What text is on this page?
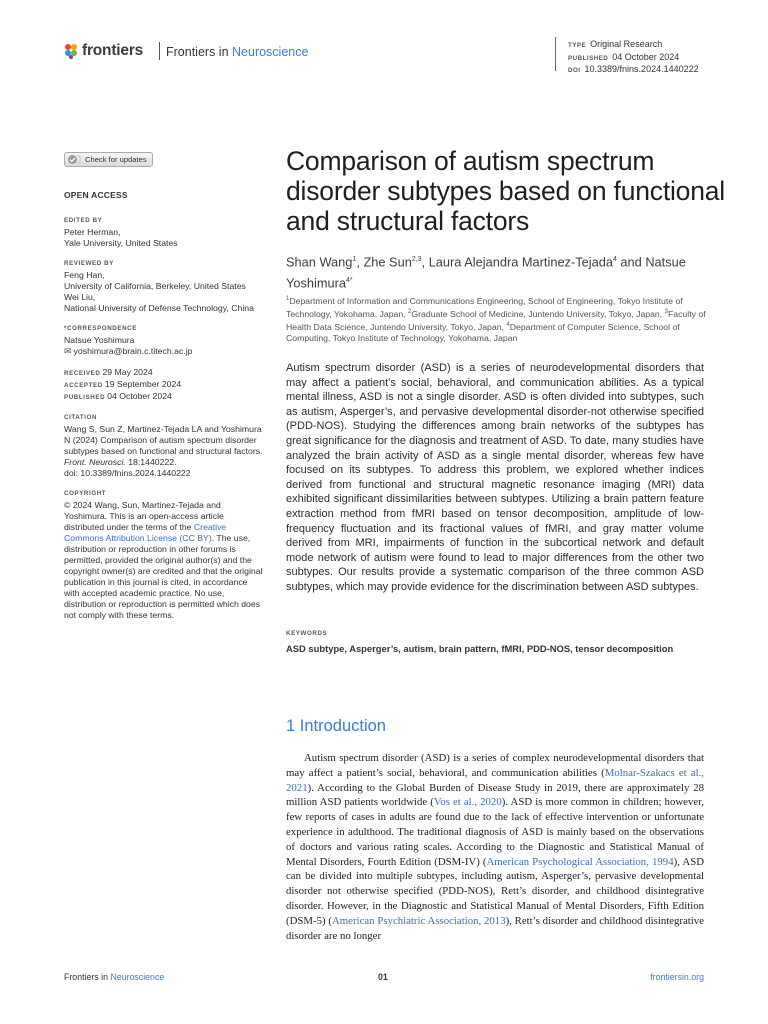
frontiers Frontiers in Neuroscience	TYPE Original Research
PUBLISHED 04 October 2024
DOI 10.3389/fnins.2024.1440222
Check for updates
OPEN ACCESS
EDITED BY
Peter Herman,
Yale University, United States
REVIEWED BY
Feng Han,
University of California, Berkeley, United States
Wei Liu,
National University of Defense Technology, China
*CORRESPONDENCE
Natsue Yoshimura
✉ yoshimura@brain.c.titech.ac.jp
RECEIVED 29 May 2024
ACCEPTED 19 September 2024
PUBLISHED 04 October 2024
CITATION
Wang S, Sun Z, Martinez-Tejada LA and Yoshimura N (2024) Comparison of autism spectrum disorder subtypes based on functional and structural factors. Front. Neurosci. 18:1440222.
doi: 10.3389/fnins.2024.1440222
COPYRIGHT
© 2024 Wang, Sun, Martinez-Tejada and Yoshimura. This is an open-access article distributed under the terms of the Creative Commons Attribution License (CC BY). The use, distribution or reproduction in other forums is permitted, provided the original author(s) and the copyright owner(s) are credited and that the original publication in this journal is cited, in accordance with accepted academic practice. No use, distribution or reproduction is permitted which does not comply with these terms.
Comparison of autism spectrum disorder subtypes based on functional and structural factors
Shan Wang$^1$, Zhe Sun$^{2,3}$, Laura Alejandra Martinez-Tejada$^4$ and Natsue Yoshimura$^{4*}$
$^1$Department of Information and Communications Engineering, School of Engineering, Tokyo Institute of Technology, Yokohama, Japan, $^2$Graduate School of Medicine, Juntendo University, Tokyo, Japan, $^3$Faculty of Health Data Science, Juntendo University, Tokyo, Japan, $^4$Department of Computer Science, School of Computing, Tokyo Institute of Technology, Yokohama, Japan

Autism spectrum disorder (ASD) is a series of neurodevelopmental disorders that may affect a patient’s social, behavioral, and communication abilities. As a typical mental illness, ASD is not a single disorder. ASD is often divided into subtypes, such as autism, Asperger’s, and pervasive developmental disorder-not otherwise specified (PDD-NOS). Studying the differences among brain networks of the subtypes has great significance for the diagnosis and treatment of ASD. To date, many studies have analyzed the brain activity of ASD as a single mental disorder, whereas few have focused on its subtypes. To address this problem, we explored whether indices derived from functional and structural magnetic resonance imaging (MRI) data exhibited significant dissimilarities between subtypes. Utilizing a brain pattern feature extraction method from fMRI based on tensor decomposition, amplitude of low-frequency fluctuation and its fractional values of fMRI, and gray matter volume derived from MRI, impairments of function in the subcortical network and default mode network of autism were found to lead to major differences from the other two subtypes. Our results provide a systematic comparison of the three common ASD subtypes, which may provide evidence for the discrimination between ASD subtypes.

KEYWORDS
ASD subtype, Asperger’s, autism, brain pattern, fMRI, PDD-NOS, tensor decomposition
1 Introduction

Autism spectrum disorder (ASD) is a series of complex neurodevelopmental disorders that may affect a patient’s social, behavioral, and communication abilities (Molnar-Szakacs et al., 2021). According to the Global Burden of Disease Study in 2019, there are approximately 28 million ASD patients worldwide (Vos et al., 2020). ASD is more common in children; however, few reports of cases in adults are found due to the lack of effective intervention or unfortunate experience in adulthood. The traditional diagnosis of ASD is mainly based on the observations of doctors and various rating scales. According to the Diagnostic and Statistical Manual of Mental Disorders, Fourth Edition (DSM-IV) (American Psychological Association, 1994), ASD can be divided into multiple subtypes, including autism, Asperger’s, pervasive developmental disorder not otherwise specified (PDD-NOS), Rett’s disorder, and childhood disintegrative disorder. However, in the Diagnostic and Statistical Manual of Mental Disorders, Fifth Edition (DSM-5) (American Psychiatric Association, 2013), Rett’s disorder and childhood disintegrative disorder are no longer

Frontiers in Neuroscience	01	frontiersin.org
